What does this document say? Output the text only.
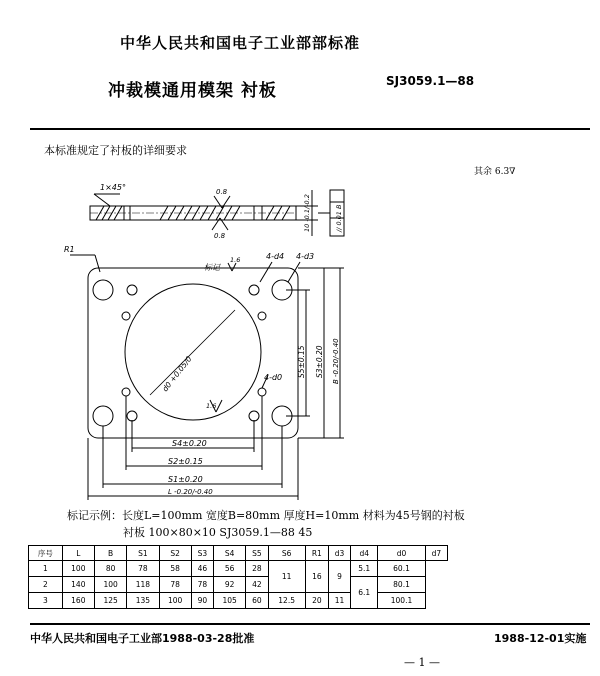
中华人民共和国电子工业部部标准
冲裁模通用模架 衬板	SJ3059.1—88
本标准规定了衬板的详细要求
其余 6.3∇
1×45°	0.8
0.8
10 -0.1/-0.2	// 0.01 B
R1
标记
1.6	4-d4 4-d3
4-d0
d0 +0.05/0
1.6
S4±0.20
S2±0.15
S1±0.20
L -0.20/-0.40
S5±0.15 S3±0.20 B -0.20/-0.40
标记示例：长度L=100mm 宽度B=80mm 厚度H=10mm 材料为45号钢的衬板
衬板 100×80×10 SJ3059.1—88 45
序号	L	B	S1	S2	S3	S4	S5	S6	R1	d3	d4	d0	d7
1	100	80	78	58	46	56	28	11	16	9	5.1	60.1	
2	140	100	118	78	78	92	42				6.1	80.1	
3	160	125	135	100	90	105	60	12.5	20	11		100.1	
中华人民共和国电子工业部1988-03-28批准	1988-12-01实施
— 1 —
